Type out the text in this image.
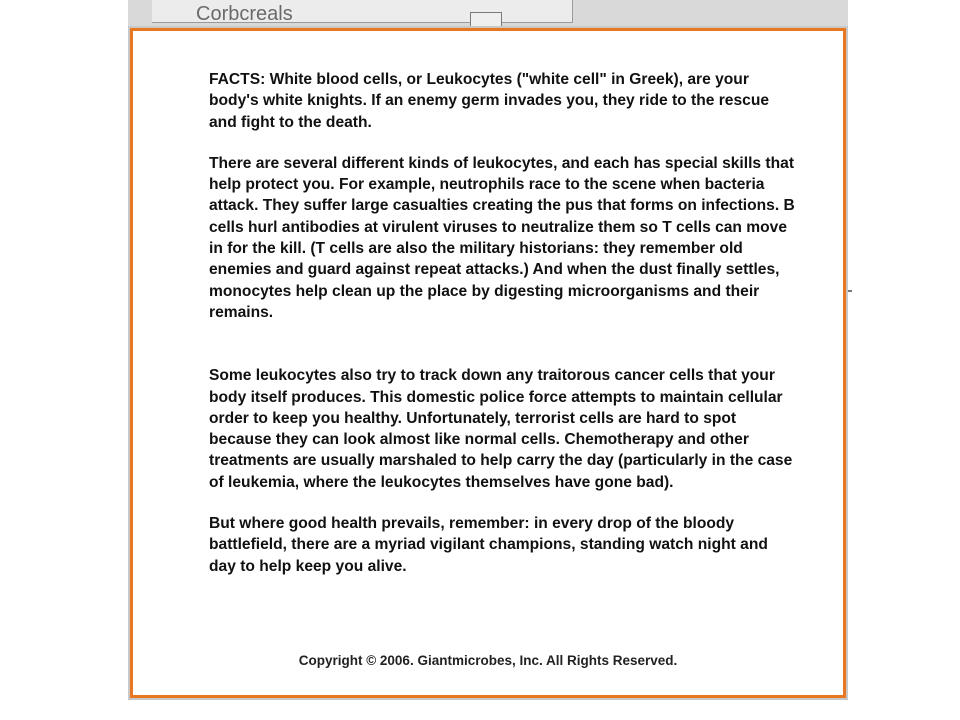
Corbcreals

FACTS: White blood cells, or Leukocytes ("white cell" in Greek), are your body's white knights. If an enemy germ invades you, they ride to the rescue and fight to the death.

There are several different kinds of leukocytes, and each has special skills that help protect you. For example, neutrophils race to the scene when bacteria attack. They suffer large casualties creating the pus that forms on infections. B cells hurl antibodies at virulent viruses to neutralize them so T cells can move in for the kill. (T cells are also the military historians: they remember old enemies and guard against repeat attacks.) And when the dust finally settles, monocytes help clean up the place by digesting microorganisms and their remains.

Some leukocytes also try to track down any traitorous cancer cells that your body itself produces. This domestic police force attempts to maintain cellular order to keep you healthy. Unfortunately, terrorist cells are hard to spot because they can look almost like normal cells. Chemotherapy and other treatments are usually marshaled to help carry the day (particularly in the case of leukemia, where the leukocytes themselves have gone bad).

But where good health prevails, remember: in every drop of the bloody battlefield, there are a myriad vigilant champions, standing watch night and day to help keep you alive.

Copyright © 2006. Giantmicrobes, Inc. All Rights Reserved.
